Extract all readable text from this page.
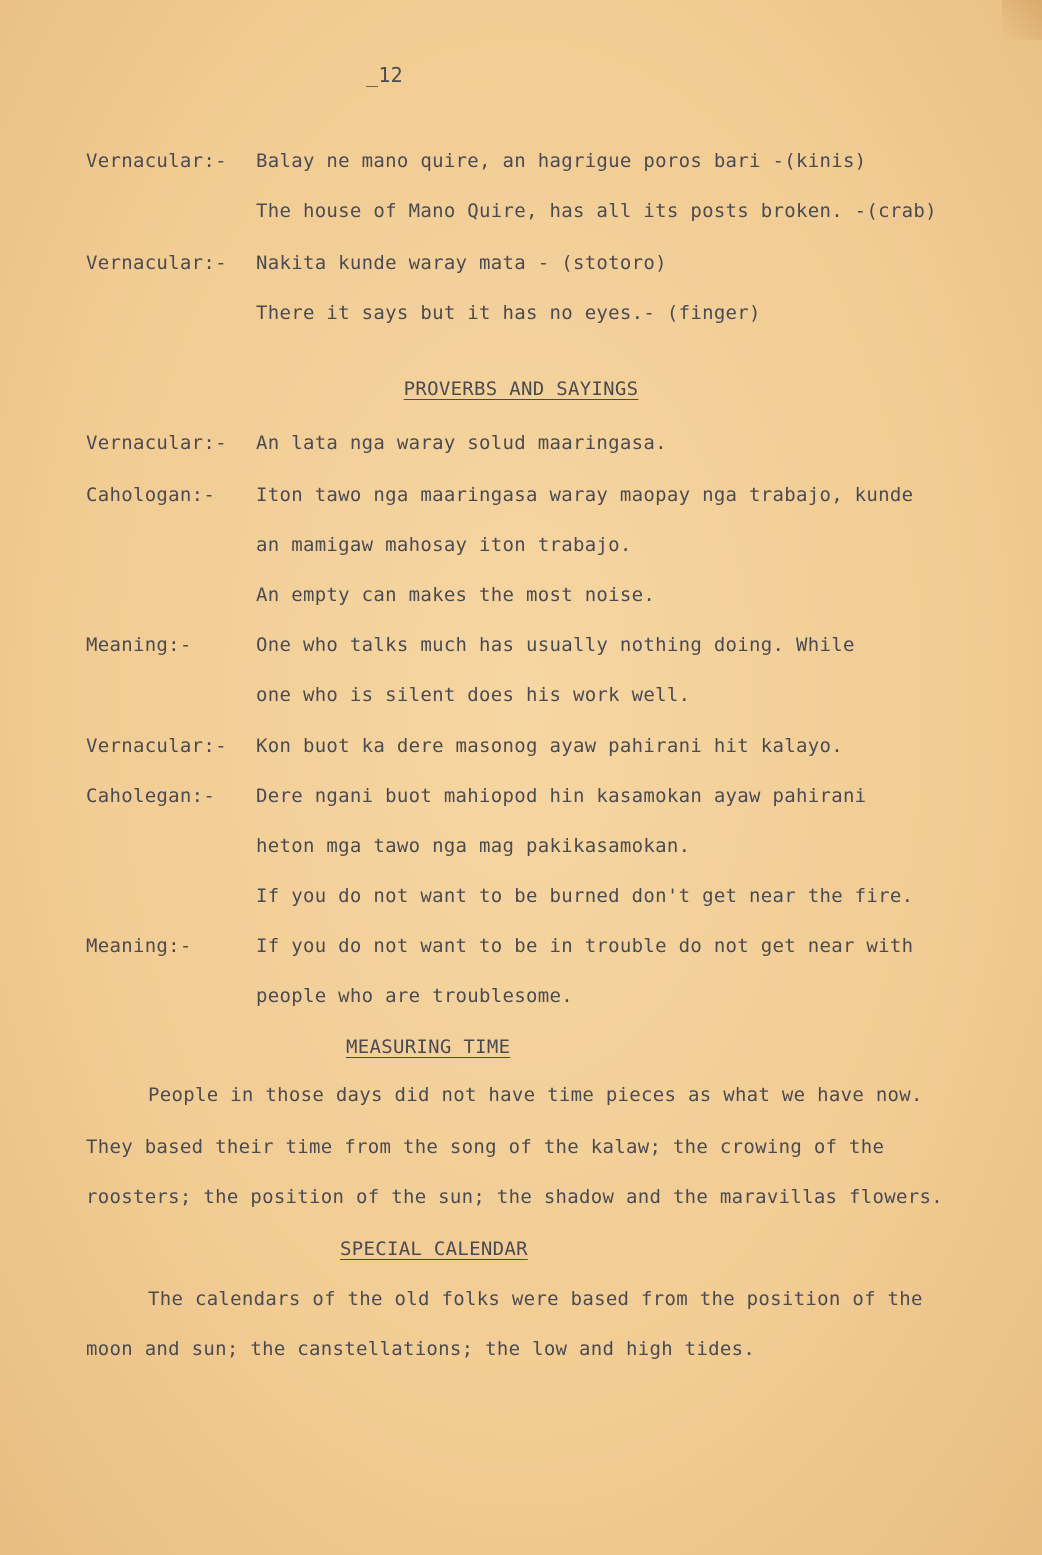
_12
Vernacular:- Balay ne mano quire, an hagrigue poros bari -(kinis)
The house of Mano Quire, has all its posts broken. -(crab)
Vernacular:- Nakita kunde waray mata - (stotoro)
There it says but it has no eyes.- (finger)
PROVERBS AND SAYINGS
Vernacular:- An lata nga waray solud maaringasa.
Cahologan:- Iton tawo nga maaringasa waray maopay nga trabajo, kunde
an mamigaw mahosay iton trabajo.
An empty can makes the most noise.
Meaning:-	One who talks much has usually nothing doing. While
one who is silent does his work well.
Vernacular:- Kon buot ka dere masonog ayaw pahirani hit kalayo.
Caholegan:- Dere ngani buot mahiopod hin kasamokan ayaw pahirani
heton mga tawo nga mag pakikasamokan.
If you do not want to be burned don't get near the fire.
Meaning:-	If you do not want to be in trouble do not get near with
people who are troublesome.
MEASURING TIME
People in those days did not have time pieces as what we have now.
They based their time from the song of the kalaw; the crowing of the
roosters; the position of the sun; the shadow and the maravillas flowers.
SPECIAL CALENDAR
The calendars of the old folks were based from the position of the
moon and sun; the canstellations; the low and high tides.
